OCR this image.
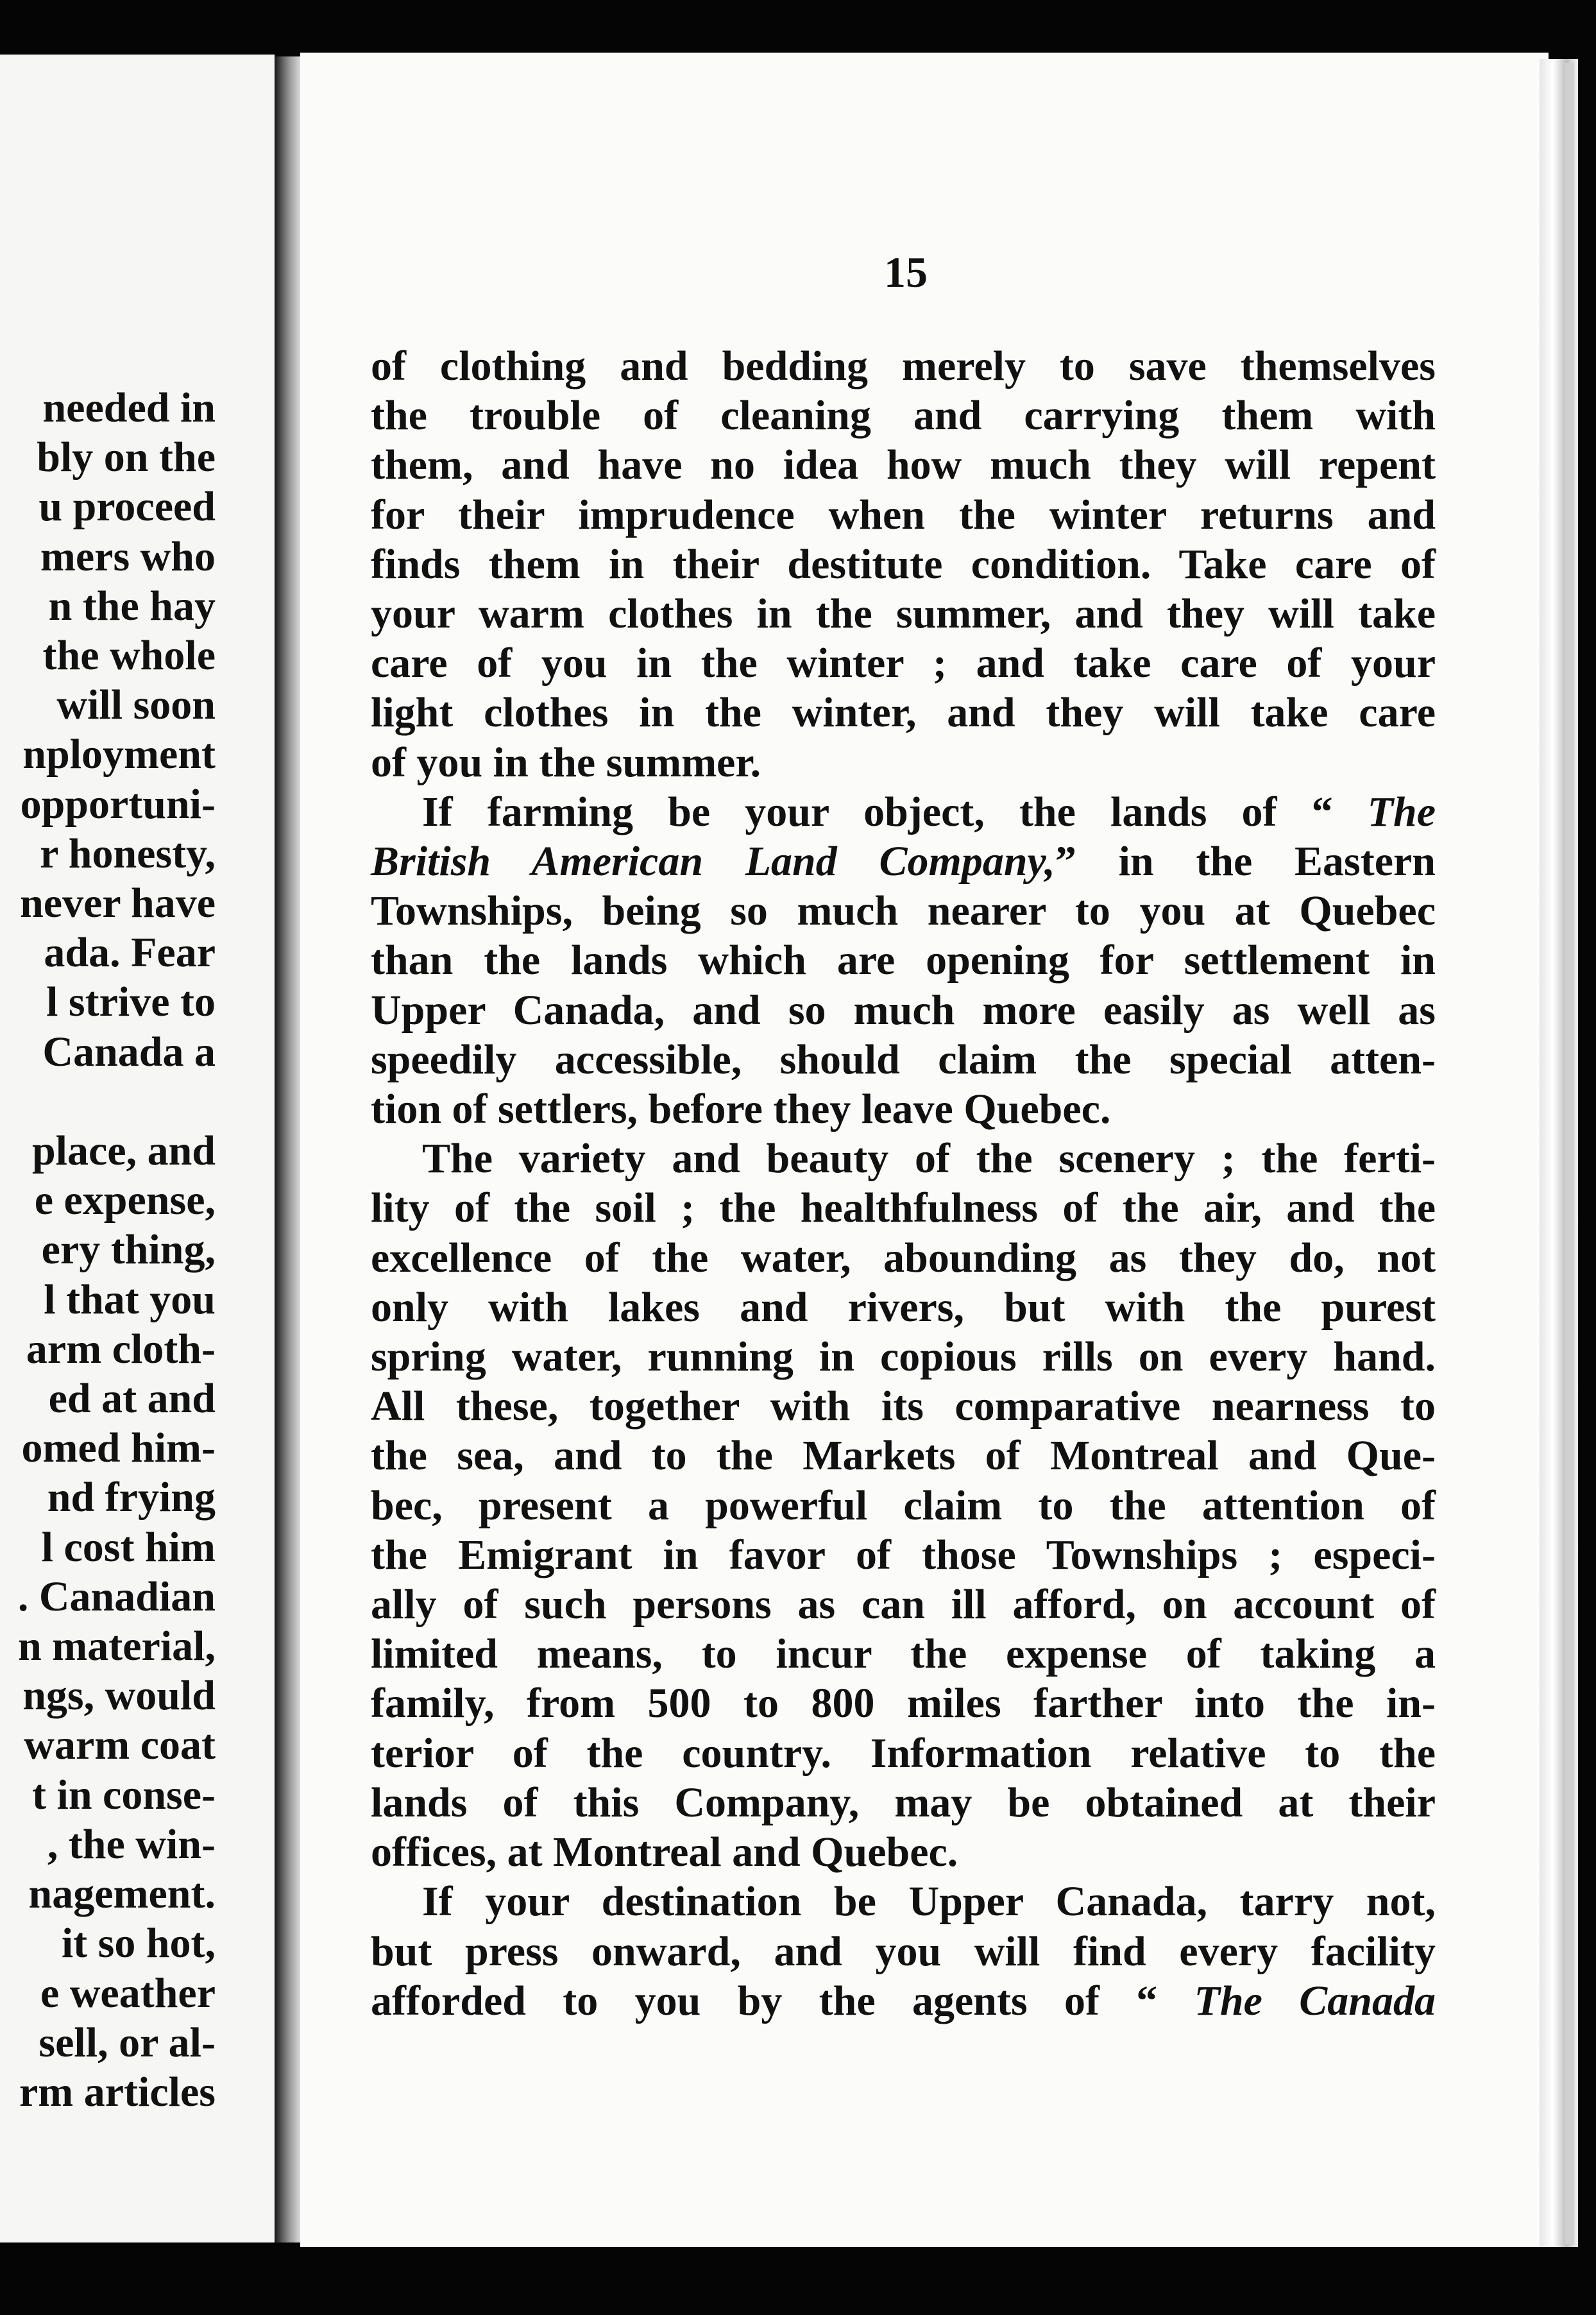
needed in
bly on the
u proceed
mers who
n the hay
the whole
will soon
nployment
opportuni-
r honesty,
never have
ada. Fear
l strive to
Canada a

place, and
e expense,
ery thing,
l that you
arm cloth-
ed at and
omed him-
nd frying
l cost him
. Canadian
n material,
ngs, would
warm coat
t in conse-
, the win-
nagement.
it so hot,
e weather
sell, or al-
rm articles
15
of clothing and bedding merely to save themselves
the trouble of cleaning and carrying them with
them, and have no idea how much they will repent
for their imprudence when the winter returns and
finds them in their destitute condition. Take care of
your warm clothes in the summer, and they will take
care of you in the winter ; and take care of your
light clothes in the winter, and they will take care
of you in the summer.
If farming be your object, the lands of “ The
British American Land Company,” in the Eastern
Townships, being so much nearer to you at Quebec
than the lands which are opening for settlement in
Upper Canada, and so much more easily as well as
speedily accessible, should claim the special atten-
tion of settlers, before they leave Quebec.
The variety and beauty of the scenery ; the ferti-
lity of the soil ; the healthfulness of the air, and the
excellence of the water, abounding as they do, not
only with lakes and rivers, but with the purest
spring water, running in copious rills on every hand.
All these, together with its comparative nearness to
the sea, and to the Markets of Montreal and Que-
bec, present a powerful claim to the attention of
the Emigrant in favor of those Townships ; especi-
ally of such persons as can ill afford, on account of
limited means, to incur the expense of taking a
family, from 500 to 800 miles farther into the in-
terior of the country. Information relative to the
lands of this Company, may be obtained at their
offices, at Montreal and Quebec.
If your destination be Upper Canada, tarry not,
but press onward, and you will find every facility
afforded to you by the agents of “ The Canada
